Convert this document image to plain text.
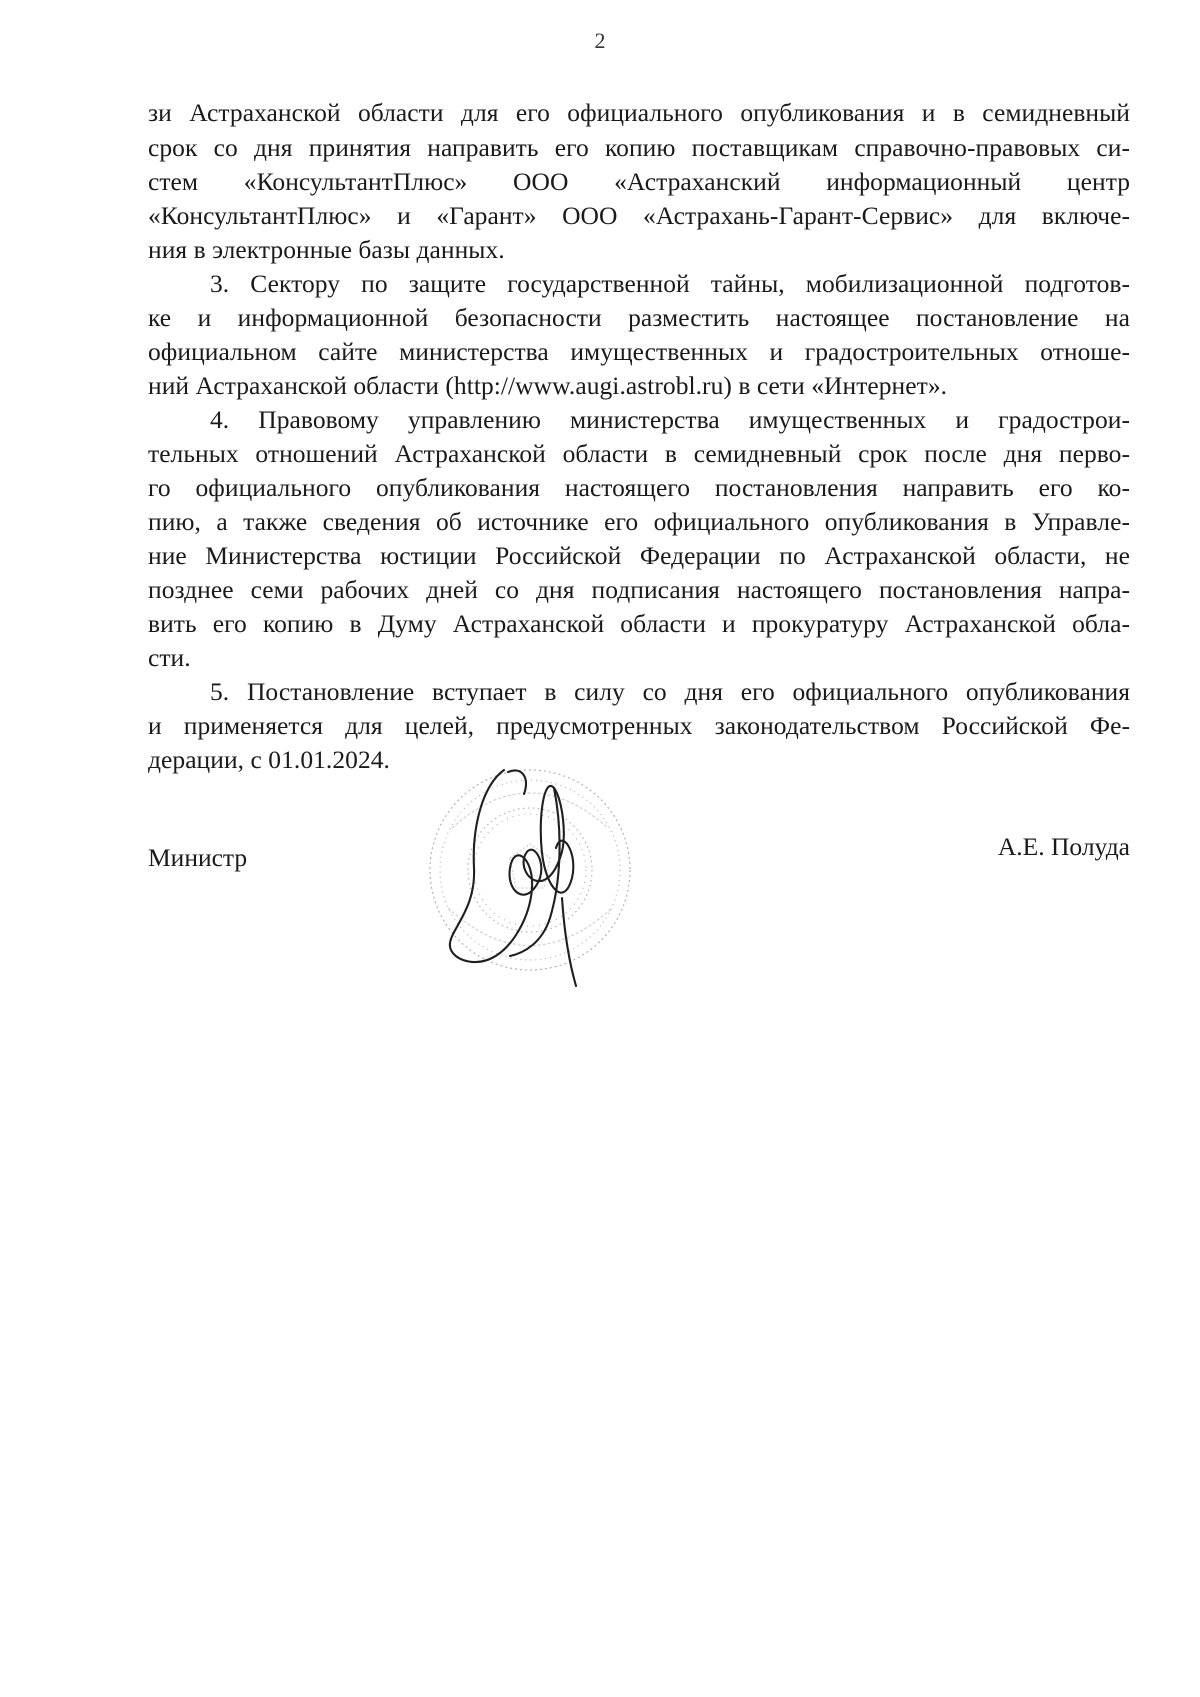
2
зи Астраханской области для его официального опубликования и в семидневный
срок со дня принятия направить его копию поставщикам справочно-правовых си-
стем «КонсультантПлюс» ООО «Астраханский информационный центр
«КонсультантПлюс» и «Гарант» ООО «Астрахань-Гарант-Сервис» для включе-
ния в электронные базы данных.
3. Сектору по защите государственной тайны, мобилизационной подготов-
ке и информационной безопасности разместить настоящее постановление на
официальном сайте министерства имущественных и градостроительных отноше-
ний Астраханской области (http://www.augi.astrobl.ru) в сети «Интернет».
4. Правовому управлению министерства имущественных и градострои-
тельных отношений Астраханской области в семидневный срок после дня перво-
го официального опубликования настоящего постановления направить его ко-
пию, а также сведения об источнике его официального опубликования в Управле-
ние Министерства юстиции Российской Федерации по Астраханской области, не
позднее семи рабочих дней со дня подписания настоящего постановления напра-
вить его копию в Думу Астраханской области и прокуратуру Астраханской обла-
сти.
5. Постановление вступает в силу со дня его официального опубликования
и применяется для целей, предусмотренных законодательством Российской Фе-
дерации, с 01.01.2024.
Министр	А.Е. Полуда
